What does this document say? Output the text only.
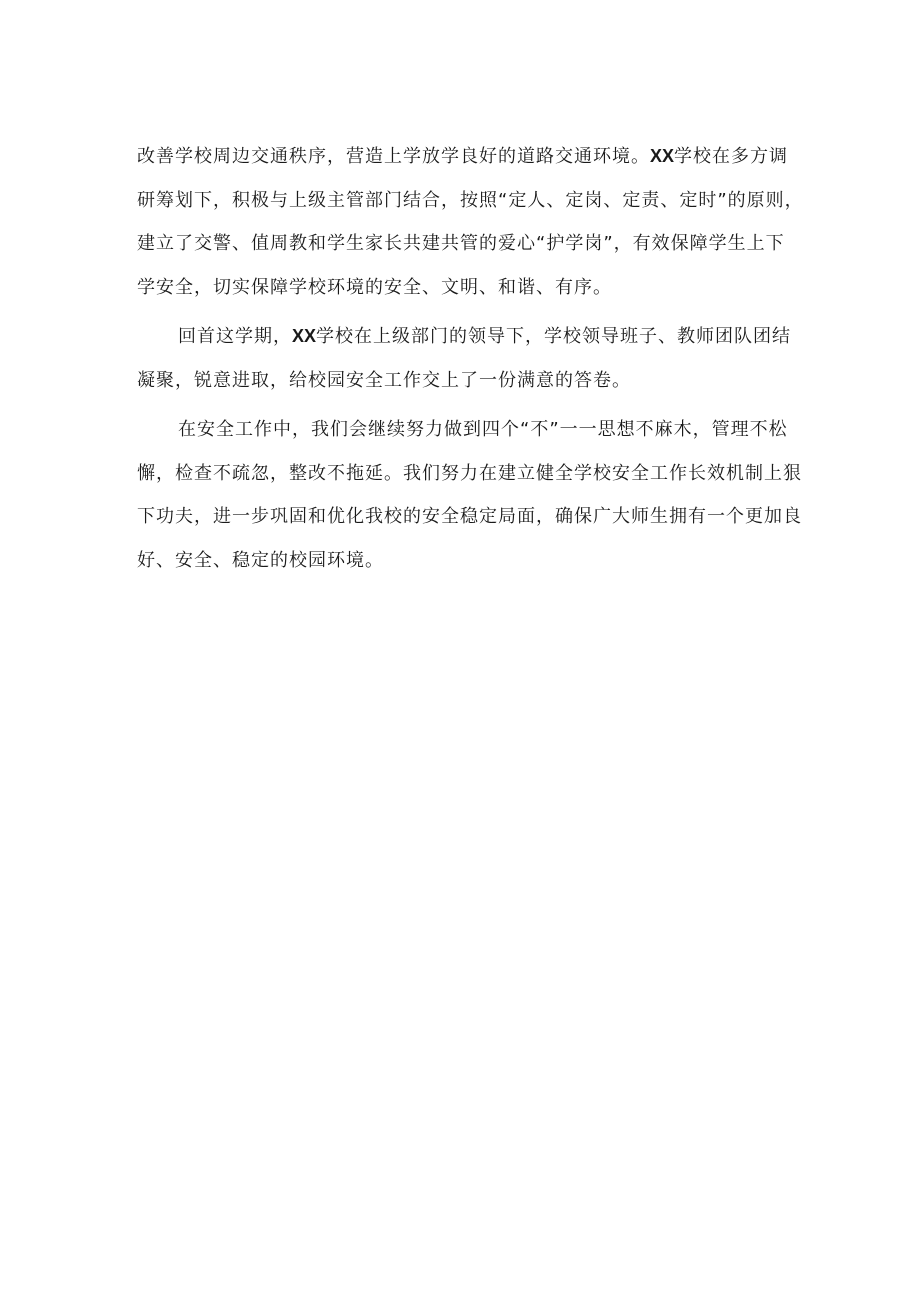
改善学校周边交通秩序，营造上学放学良好的道路交通环境。XX学校在多方调
研筹划下，积极与上级主管部门结合，按照“定人、定岗、定责、定时”的原则，
建立了交警、值周教和学生家长共建共管的爱心“护学岗”，有效保障学生上下
学安全，切实保障学校环境的安全、文明、和谐、有序。
回首这学期，XX学校在上级部门的领导下，学校领导班子、教师团队团结
凝聚，锐意进取，给校园安全工作交上了一份满意的答卷。
在安全工作中，我们会继续努力做到四个“不”一一思想不麻木，管理不松
懈，检查不疏忽，整改不拖延。我们努力在建立健全学校安全工作长效机制上狠
下功夫，进一步巩固和优化我校的安全稳定局面，确保广大师生拥有一个更加良
好、安全、稳定的校园环境。
